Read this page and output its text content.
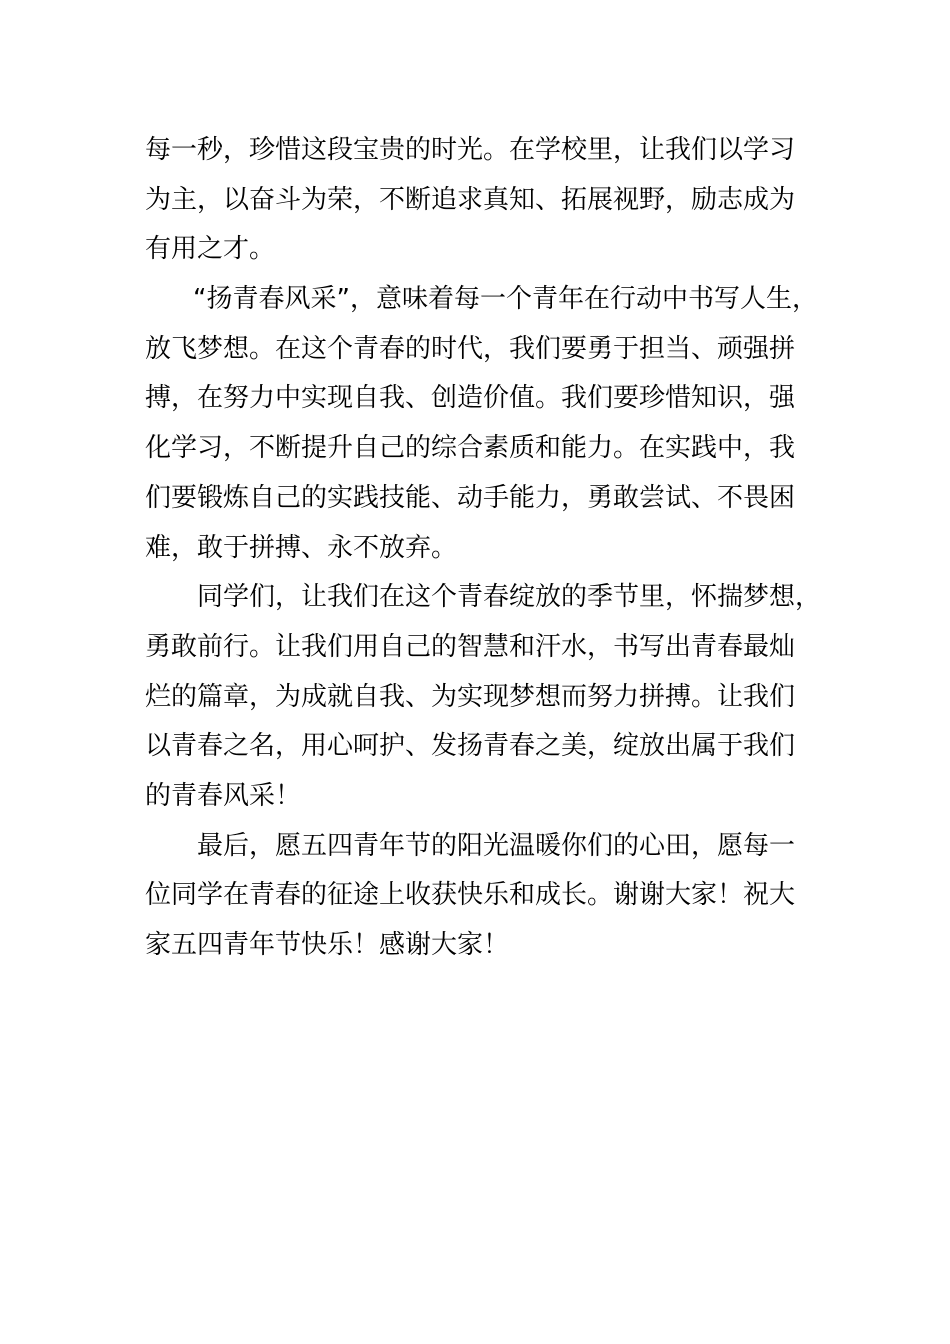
每一秒，珍惜这段宝贵的时光。在学校里，让我们以学习
为主，以奋斗为荣，不断追求真知、拓展视野，励志成为
有用之才。
“扬青春风采”，意味着每一个青年在行动中书写人生，
放飞梦想。在这个青春的时代，我们要勇于担当、顽强拼
搏，在努力中实现自我、创造价值。我们要珍惜知识，强
化学习，不断提升自己的综合素质和能力。在实践中，我
们要锻炼自己的实践技能、动手能力，勇敢尝试、不畏困
难，敢于拼搏、永不放弃。
同学们，让我们在这个青春绽放的季节里，怀揣梦想，
勇敢前行。让我们用自己的智慧和汗水，书写出青春最灿
烂的篇章，为成就自我、为实现梦想而努力拼搏。让我们
以青春之名，用心呵护、发扬青春之美，绽放出属于我们
的青春风采！
最后，愿五四青年节的阳光温暖你们的心田，愿每一
位同学在青春的征途上收获快乐和成长。谢谢大家！祝大
家五四青年节快乐！感谢大家！
